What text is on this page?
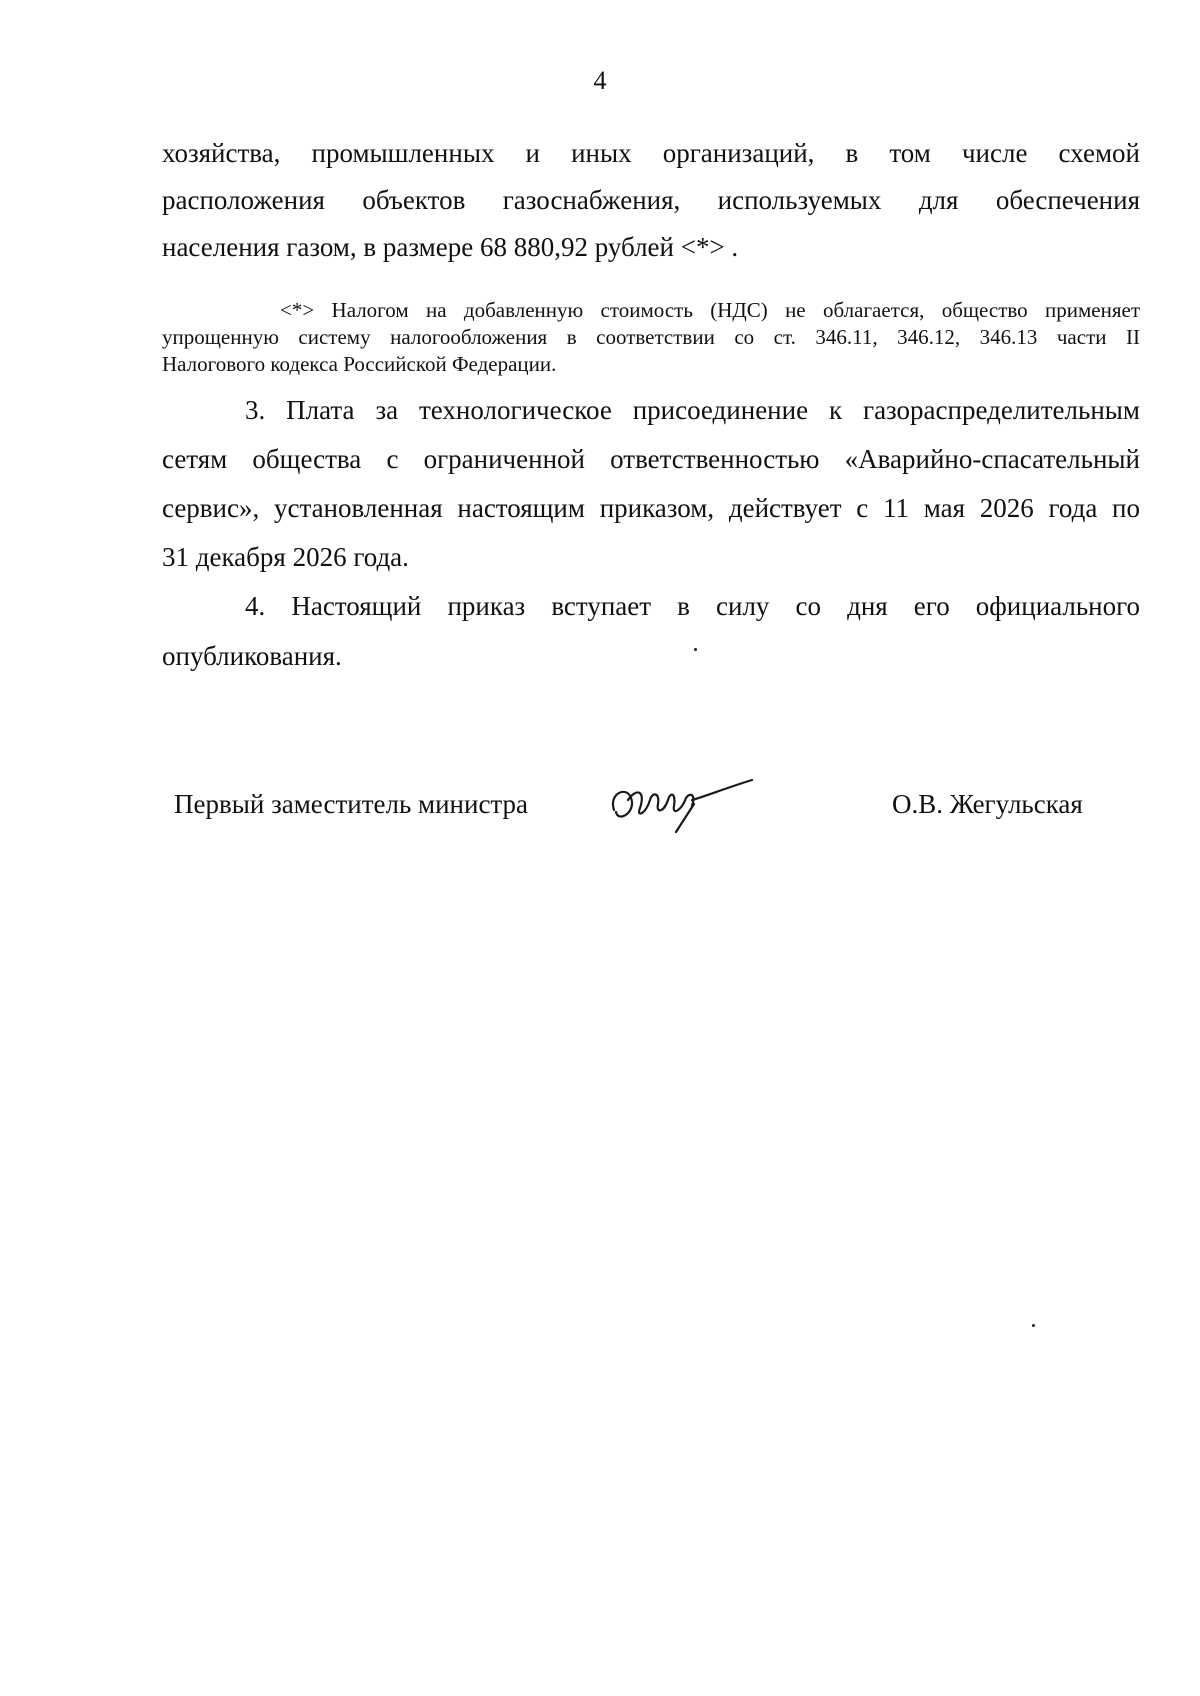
4
хозяйства, промышленных и иных организаций, в том числе схемой
расположения объектов газоснабжения, используемых для обеспечения
населения газом, в размере 68 880,92 рублей <*> .
<*> Налогом на добавленную стоимость (НДС) не облагается, общество применяет
упрощенную систему налогообложения в соответствии со ст. 346.11, 346.12, 346.13 части II
Налогового кодекса Российской Федерации.
3. Плата за технологическое присоединение к газораспределительным
сетям общества с ограниченной ответственностью «Аварийно-спасательный
сервис», установленная настоящим приказом, действует с 11 мая 2026 года по
31 декабря 2026 года.
4. Настоящий приказ вступает в силу со дня его официального
опубликования.
Первый заместитель министра	О.В. Жегульская
